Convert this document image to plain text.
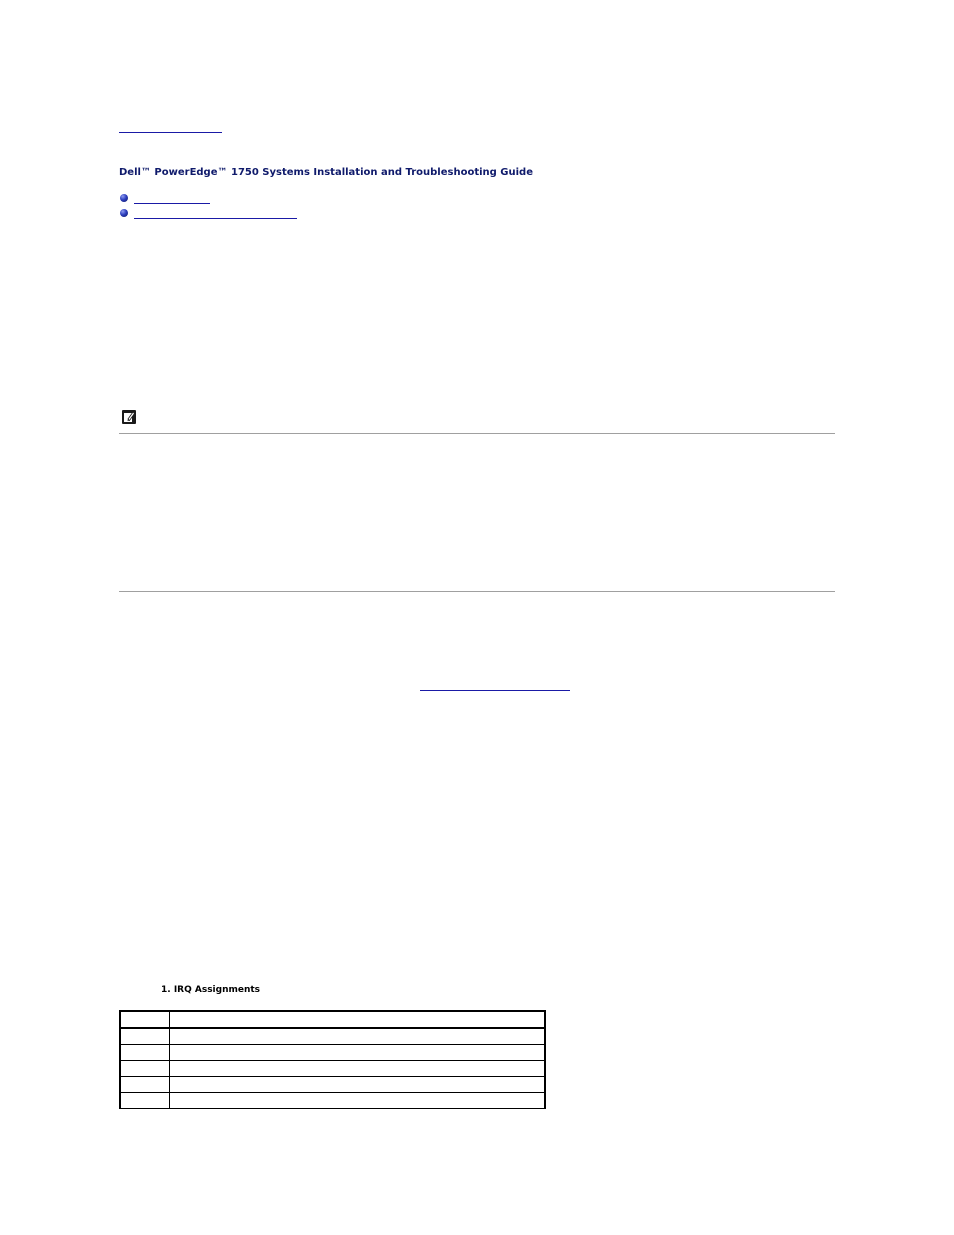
Dell™ PowerEdge™ 1750 Systems Installation and Troubleshooting Guide
1. IRQ Assignments
